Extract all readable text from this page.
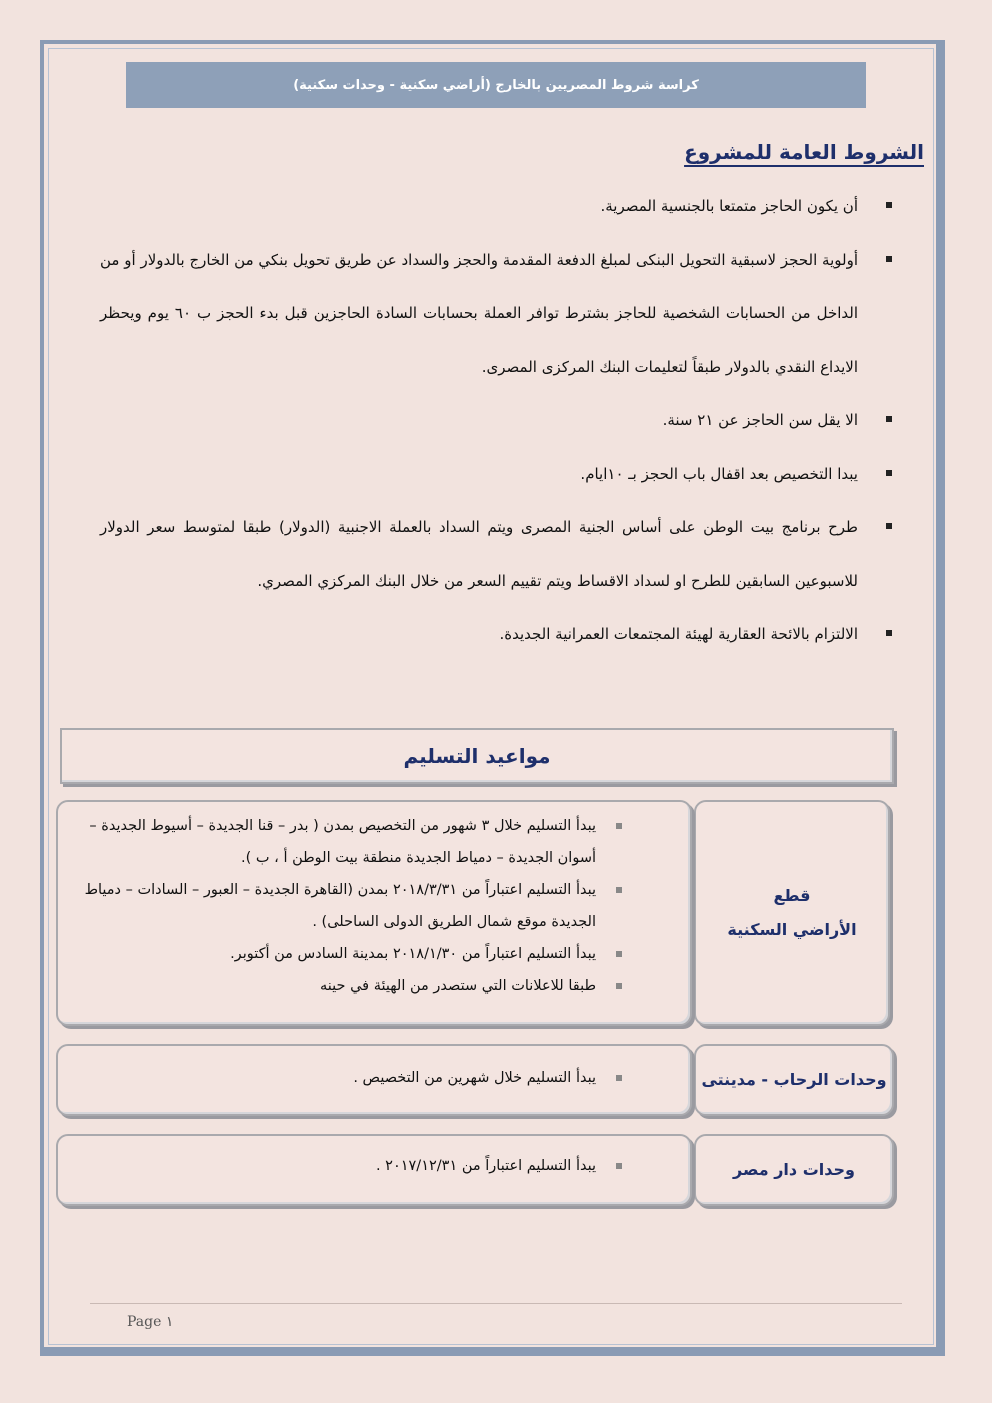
كراسة شروط المصريين بالخارج (أراضي سكنية - وحدات سكنية)
الشروط العامة للمشروع
أن يكون الحاجز متمتعا بالجنسية المصرية.
أولوية الحجز لاسبقية التحويل البنكى لمبلغ الدفعة المقدمة والحجز والسداد عن طريق تحويل بنكي من الخارج بالدولار أو من الداخل من الحسابات الشخصية للحاجز بشترط توافر العملة بحسابات السادة الحاجزين قبل بدء الحجز ب ٦٠ يوم ويحظر الايداع النقدي بالدولار طبقاً لتعليمات البنك المركزى المصرى.
الا يقل سن الحاجز عن ٢١ سنة.
يبدا التخصيص بعد اقفال باب الحجز بـ ١٠ايام.
طرح برنامج بيت الوطن على أساس الجنية المصرى ويتم السداد بالعملة الاجنبية (الدولار) طبقا لمتوسط سعر الدولار للاسبوعين السابقين للطرح او لسداد الاقساط ويتم تقييم السعر من خلال البنك المركزي المصري.
الالتزام بالائحة العقارية لهيئة المجتمعات العمرانية الجديدة.
مواعيد التسليم
قطع
الأراضي السكنية
يبدأ التسليم خلال ٣ شهور من التخصيص بمدن ( بدر – قنا الجديدة – أسيوط الجديدة – أسوان الجديدة – دمياط الجديدة منطقة بيت الوطن أ ، ب ).
يبدأ التسليم اعتباراً من ٢٠١٨/٣/٣١ بمدن (القاهرة الجديدة – العبور – السادات – دمياط الجديدة موقع شمال الطريق الدولى الساحلى) .
يبدأ التسليم اعتباراً من ٢٠١٨/١/٣٠ بمدينة السادس من أكتوبر.
طبقا للاعلانات التي ستصدر من الهيئة في حينه
وحدات الرحاب - مدينتى
يبدأ التسليم خلال شهرين من التخصيص .
وحدات دار مصر
يبدأ التسليم اعتباراً من ٢٠١٧/١٢/٣١ .
Page ١
